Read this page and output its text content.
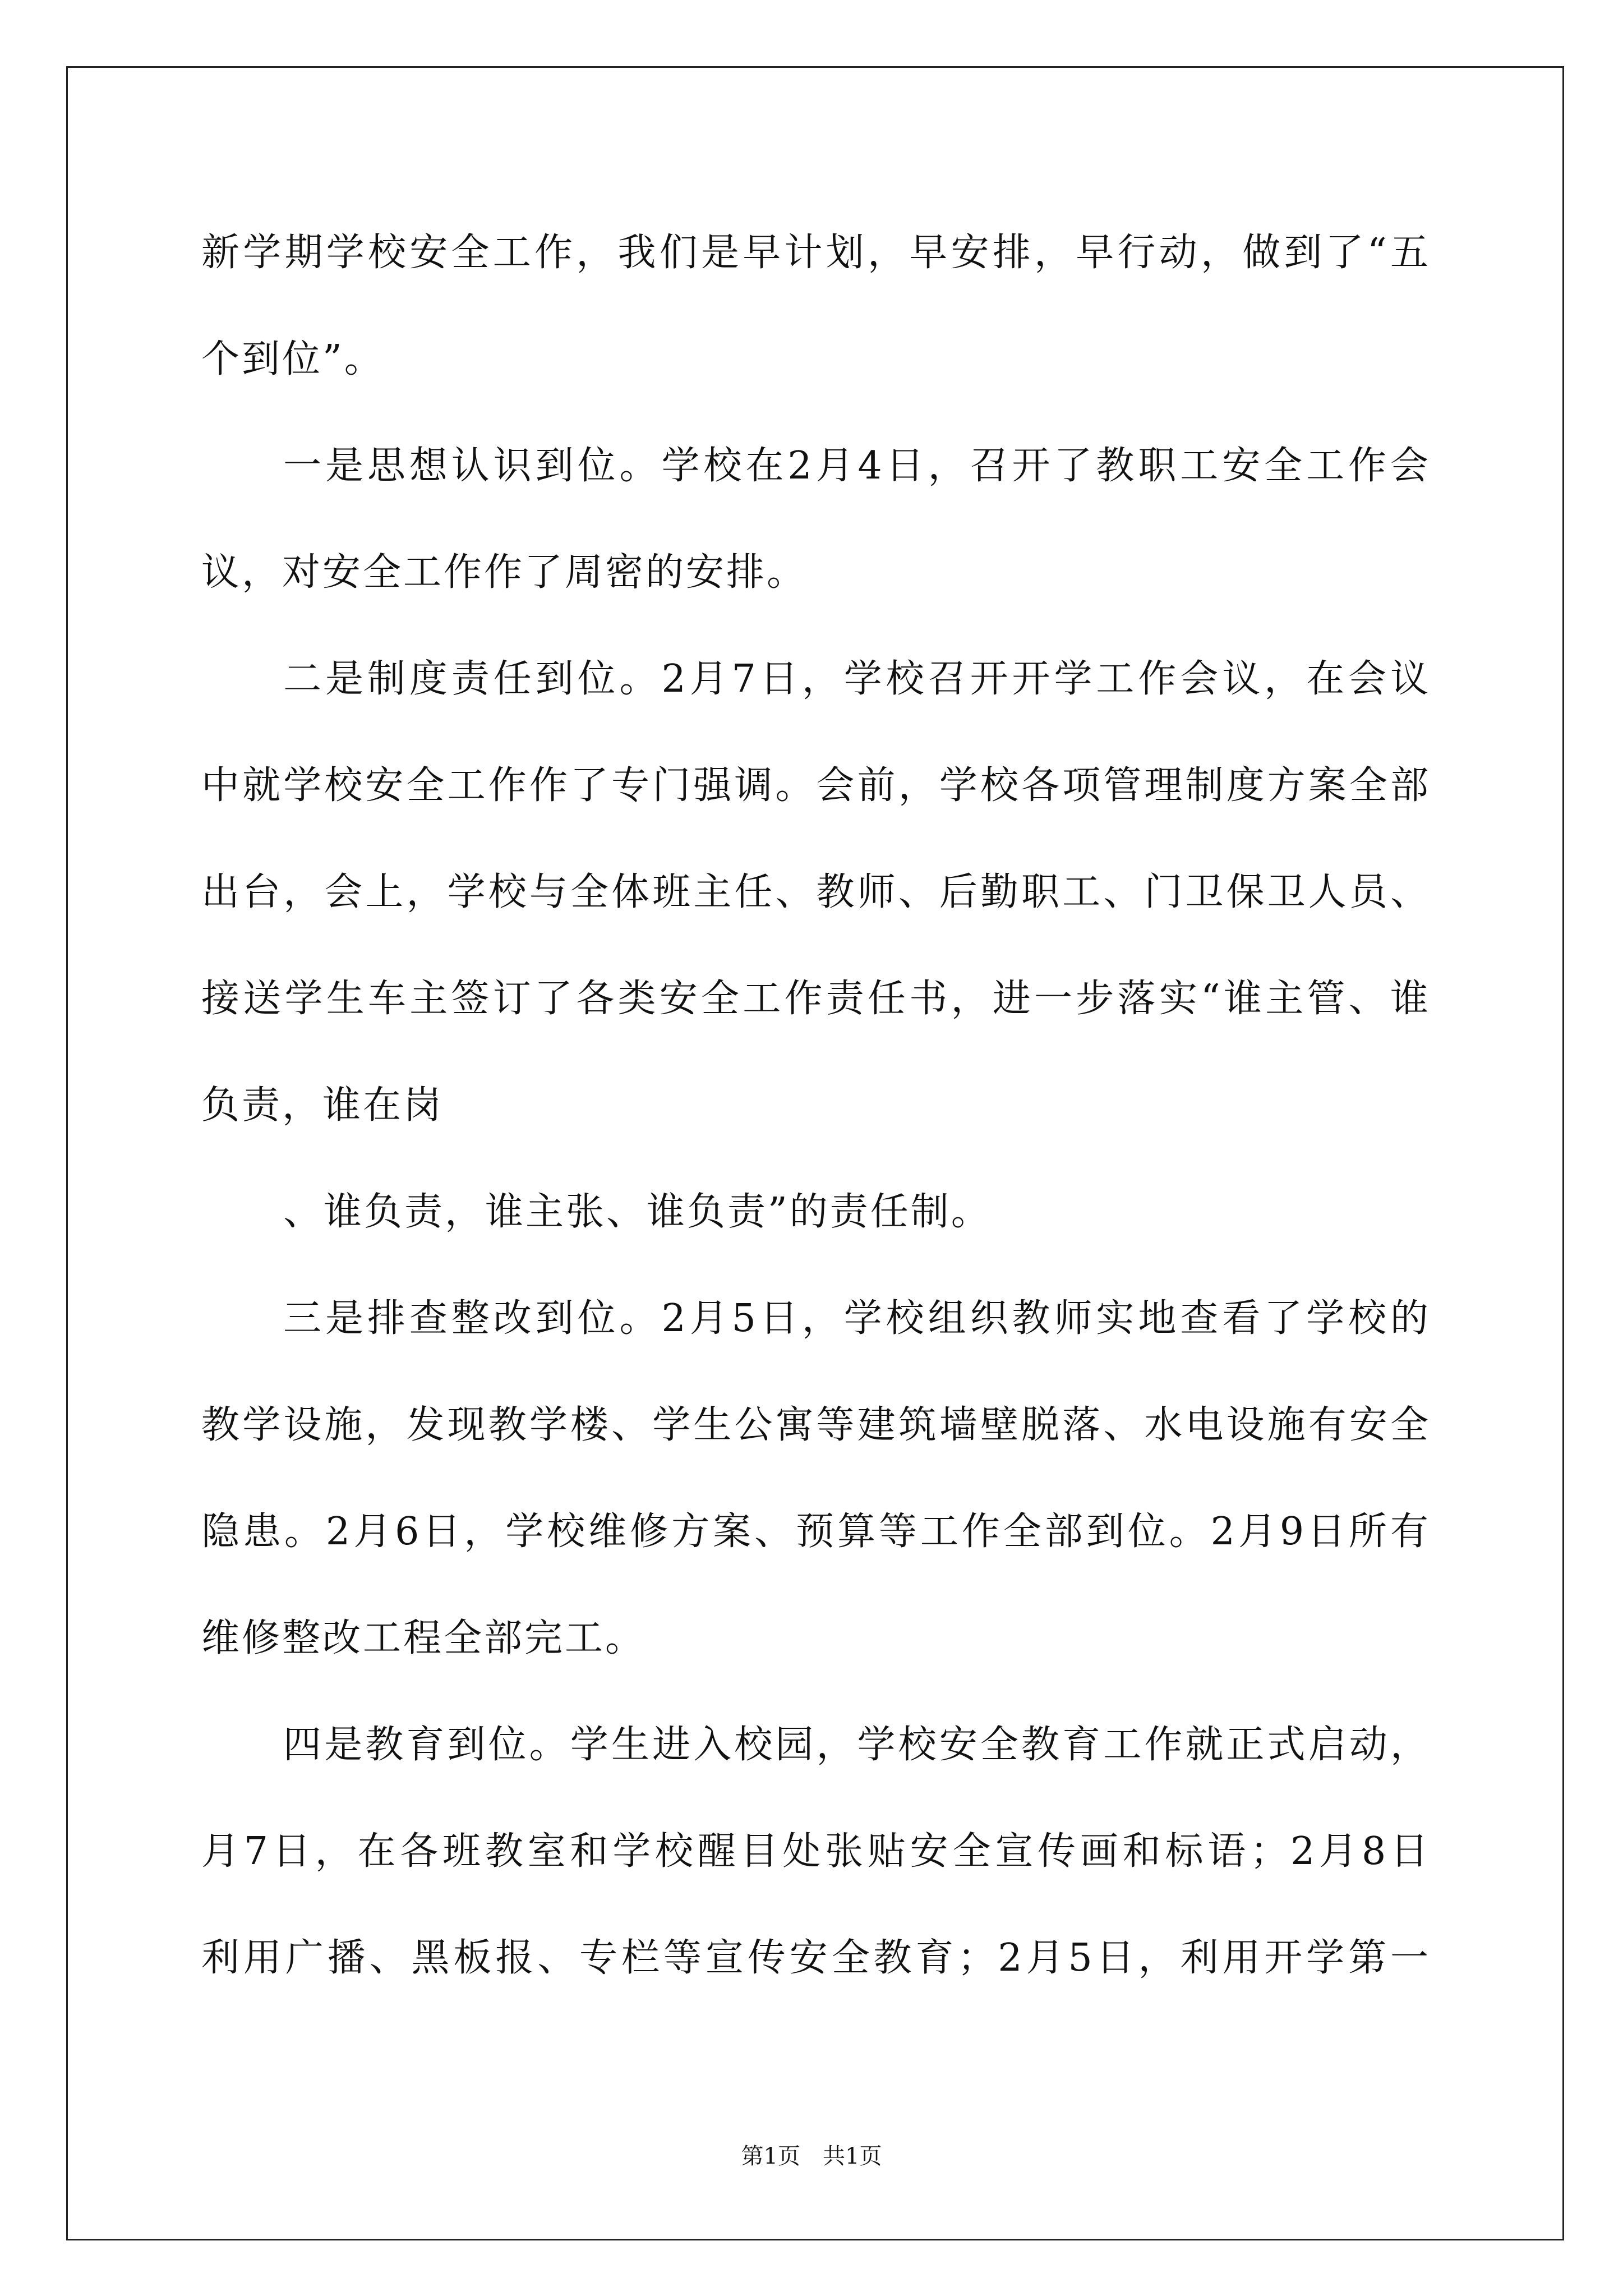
新学期学校安全工作，我们是早计划，早安排，早行动，做到了“五
个到位”。
一是思想认识到位。学校在2月4日，召开了教职工安全工作会
议，对安全工作作了周密的安排。
二是制度责任到位。2月7日，学校召开开学工作会议，在会议
中就学校安全工作作了专门强调。会前，学校各项管理制度方案全部
出台，会上，学校与全体班主任、教师、后勤职工、门卫保卫人员、
接送学生车主签订了各类安全工作责任书，进一步落实“谁主管、谁
负责，谁在岗
、谁负责，谁主张、谁负责”的责任制。
三是排查整改到位。2月5日，学校组织教师实地查看了学校的
教学设施，发现教学楼、学生公寓等建筑墙壁脱落、水电设施有安全
隐患。2月6日，学校维修方案、预算等工作全部到位。2月9日所有
维修整改工程全部完工。
四是教育到位。学生进入校园，学校安全教育工作就正式启动，
月7日，在各班教室和学校醒目处张贴安全宣传画和标语；2月8日
利用广播、黑板报、专栏等宣传安全教育；2月5日，利用开学第一
第1页　共1页
